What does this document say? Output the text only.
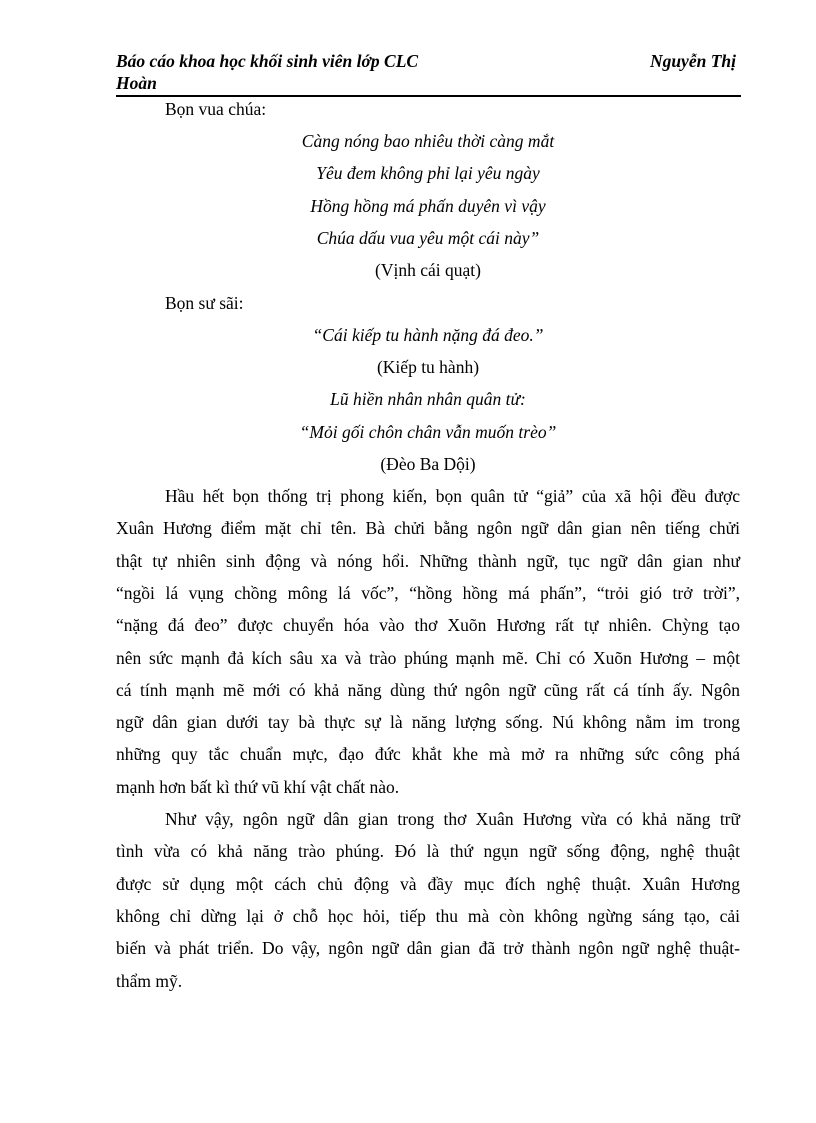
Báo cáo khoa học khối sinh viên lớp CLC	Nguyễn Thị
Hoàn
Bọn vua chúa:
Càng nóng bao nhiêu thời càng mắt
Yêu đem không phỉ lại yêu ngày
Hồng hồng má phấn duyên vì vậy
Chúa dấu vua yêu một cái này”
(Vịnh cái quạt)
Bọn sư sãi:
“Cái kiếp tu hành nặng đá đeo.”
(Kiếp tu hành)
Lũ hiền nhân nhân quân tử:
“Mỏi gối chôn chân vẫn muốn trèo”
(Đèo Ba Dội)
Hầu hết bọn thống trị phong kiến, bọn quân tử “giả” của xã hội đều được
Xuân Hương điểm mặt chỉ tên. Bà chửi bằng ngôn ngữ dân gian nên tiếng chửi
thật tự nhiên sinh động và nóng hổi. Những thành ngữ, tục ngữ dân gian như
“ngồi lá vụng chồng mông lá vốc”, “hồng hồng má phấn”, “trỏi gió trở trời”,
“nặng đá đeo” được chuyển hóa vào thơ Xuõn Hương rất tự nhiên. Chỳng tạo
nên sức mạnh đả kích sâu xa và trào phúng mạnh mẽ. Chỉ có Xuõn Hương – một
cá tính mạnh mẽ mới có khả năng dùng thứ ngôn ngữ cũng rất cá tính ấy. Ngôn
ngữ dân gian dưới tay bà thực sự là năng lượng sống. Nú không nằm im trong
những quy tắc chuẩn mực, đạo đức khắt khe mà mở ra những sức công phá
mạnh hơn bất kì thứ vũ khí vật chất nào.
Như vậy, ngôn ngữ dân gian trong thơ Xuân Hương vừa có khả năng trữ
tình vừa có khả năng trào phúng. Đó là thứ ngụn ngữ sống động, nghệ thuật
được sử dụng một cách chủ động và đầy mục đích nghệ thuật. Xuân Hương
không chỉ dừng lại ở chỗ học hỏi, tiếp thu mà còn không ngừng sáng tạo, cải
biến và phát triển. Do vậy, ngôn ngữ dân gian đã trở thành ngôn ngữ nghệ thuật-
thẩm mỹ.
